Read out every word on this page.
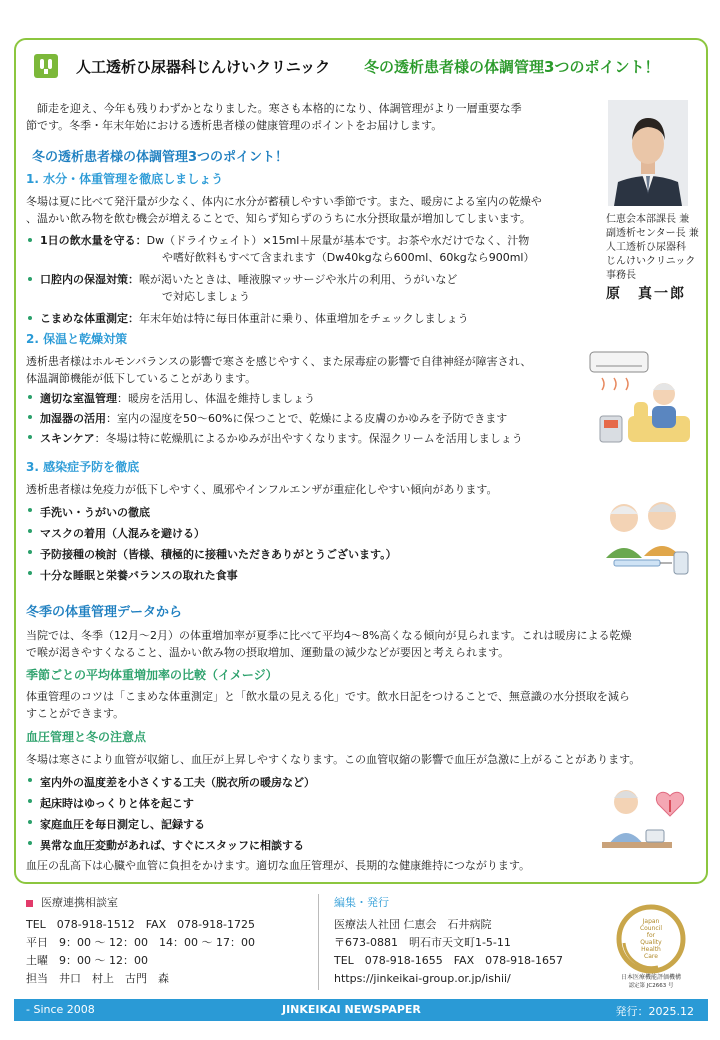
人工透析ひ尿器科じんけいクリニック 冬の透析患者様の体調管理3つのポイント！
　師走を迎え、今年も残りわずかとなりました。寒さも本格的になり、体調管理がより一層重要な季
節です。冬季・年末年始における透析患者様の健康管理のポイントをお届けします。
冬の透析患者様の体調管理3つのポイント！
1. 水分・体重管理を徹底しましょう
冬場は夏に比べて発汗量が少なく、体内に水分が蓄積しやすい季節です。また、暖房による室内の乾燥や
、温かい飲み物を飲む機会が増えることで、知らず知らずのうちに水分摂取量が増加してしまいます。
1日の飲水量を守る：Dw（ドライウェイト）×15ml＋尿量が基本です。お茶や水だけでなく、汁物
や嗜好飲料もすべて含まれます（Dw40kgなら600ml、60kgなら900ml）
口腔内の保湿対策：喉が渇いたときは、唾液腺マッサージや氷片の利用、うがいなど
で対応しましょう
こまめな体重測定：年末年始は特に毎日体重計に乗り、体重増加をチェックしましょう
仁恵会本部課長 兼
副透析センター長 兼
人工透析ひ尿器科
じんけいクリニック
事務長
原　真一郎
2. 保温と乾燥対策
透析患者様はホルモンバランスの影響で寒さを感じやすく、また尿毒症の影響で自律神経が障害され、
体温調節機能が低下していることがあります。
適切な室温管理：暖房を活用し、体温を維持しましょう
加湿器の活用：室内の湿度を50〜60%に保つことで、乾燥による皮膚のかゆみを予防できます
スキンケア：冬場は特に乾燥肌によるかゆみが出やすくなります。保湿クリームを活用しましょう
3. 感染症予防を徹底
透析患者様は免疫力が低下しやすく、風邪やインフルエンザが重症化しやすい傾向があります。
手洗い・うがいの徹底
マスクの着用（人混みを避ける）
予防接種の検討（皆様、積極的に接種いただきありがとうございます。）
十分な睡眠と栄養バランスの取れた食事
冬季の体重管理データから
当院では、冬季（12月〜2月）の体重増加率が夏季に比べて平均4〜8%高くなる傾向が見られます。これは暖房による乾燥
で喉が渇きやすくなること、温かい飲み物の摂取増加、運動量の減少などが要因と考えられます。
季節ごとの平均体重増加率の比較（イメージ）
体重管理のコツは「こまめな体重測定」と「飲水量の見える化」です。飲水日記をつけることで、無意識の水分摂取を減ら
すことができます。
血圧管理と冬の注意点
冬場は寒さにより血管が収縮し、血圧が上昇しやすくなります。この血管収縮の影響で血圧が急激に上がることがあります。
室内外の温度差を小さくする工夫（脱衣所の暖房など）
起床時はゆっくりと体を起こす
家庭血圧を毎日測定し、記録する
異常な血圧変動があれば、すぐにスタッフに相談する
血圧の乱高下は心臓や血管に負担をかけます。適切な血圧管理が、長期的な健康維持につながります。
医療連携相談室
TEL　078-918-1512　FAX　078-918-1725
平日　9：00 ～ 12：00　14：00 ～ 17：00
土曜　9：00 ～ 12：00
担当　井口　村上　古門　森
編集・発行
医療法人社団 仁恵会　石井病院
〒673-0881　明石市天文町1-5-11
TEL　078-918-1655　FAX　078-918-1657
https://jinkeikai-group.or.jp/ishii/
Japan
Council
for
Quality
Health
Care
日本医療機能評価機構
認定第 JC2663 号
- Since 2008	JINKEIKAI NEWSPAPER	発行：2025.12
